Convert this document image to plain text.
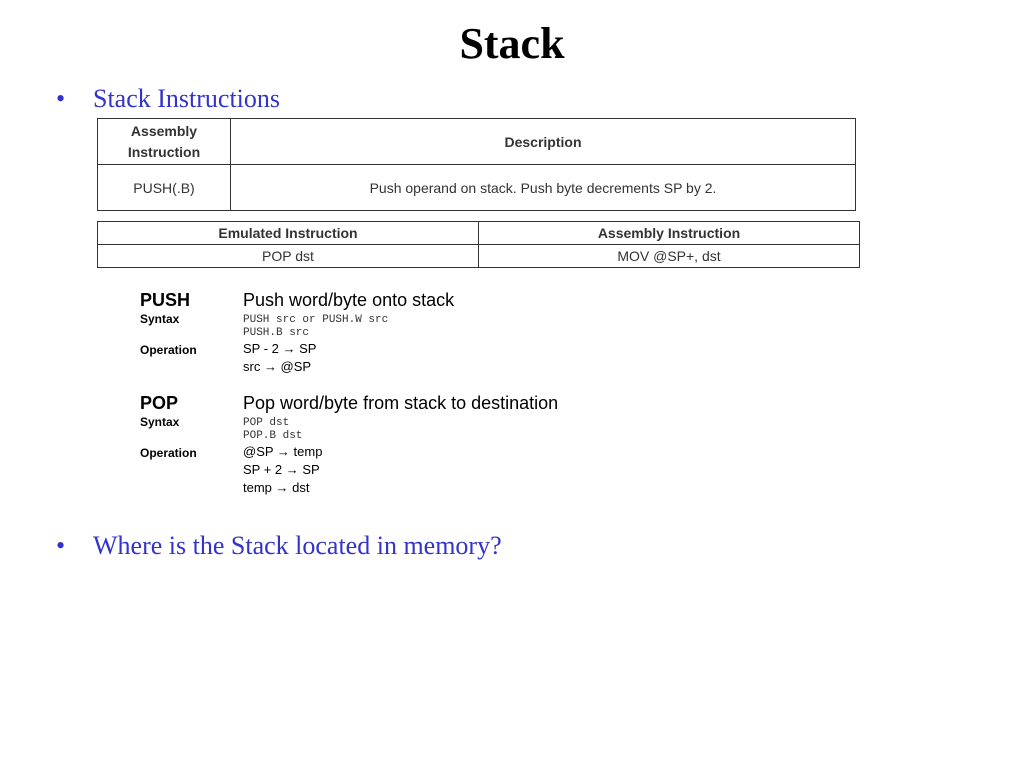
Stack
• Stack Instructions
Assembly Instruction	Description
PUSH(.B)	Push operand on stack. Push byte decrements SP by 2.
Emulated Instruction	Assembly Instruction
POP dst	MOV @SP+, dst
PUSH	Push word/byte onto stack
Syntax	PUSH src or PUSH.W src
PUSH.B src
Operation	SP - 2 → SP
src → @SP
POP	Pop word/byte from stack to destination
Syntax	POP dst
POP.B dst
Operation	@SP → temp
SP + 2 → SP
temp → dst
• Where is the Stack located in memory?
